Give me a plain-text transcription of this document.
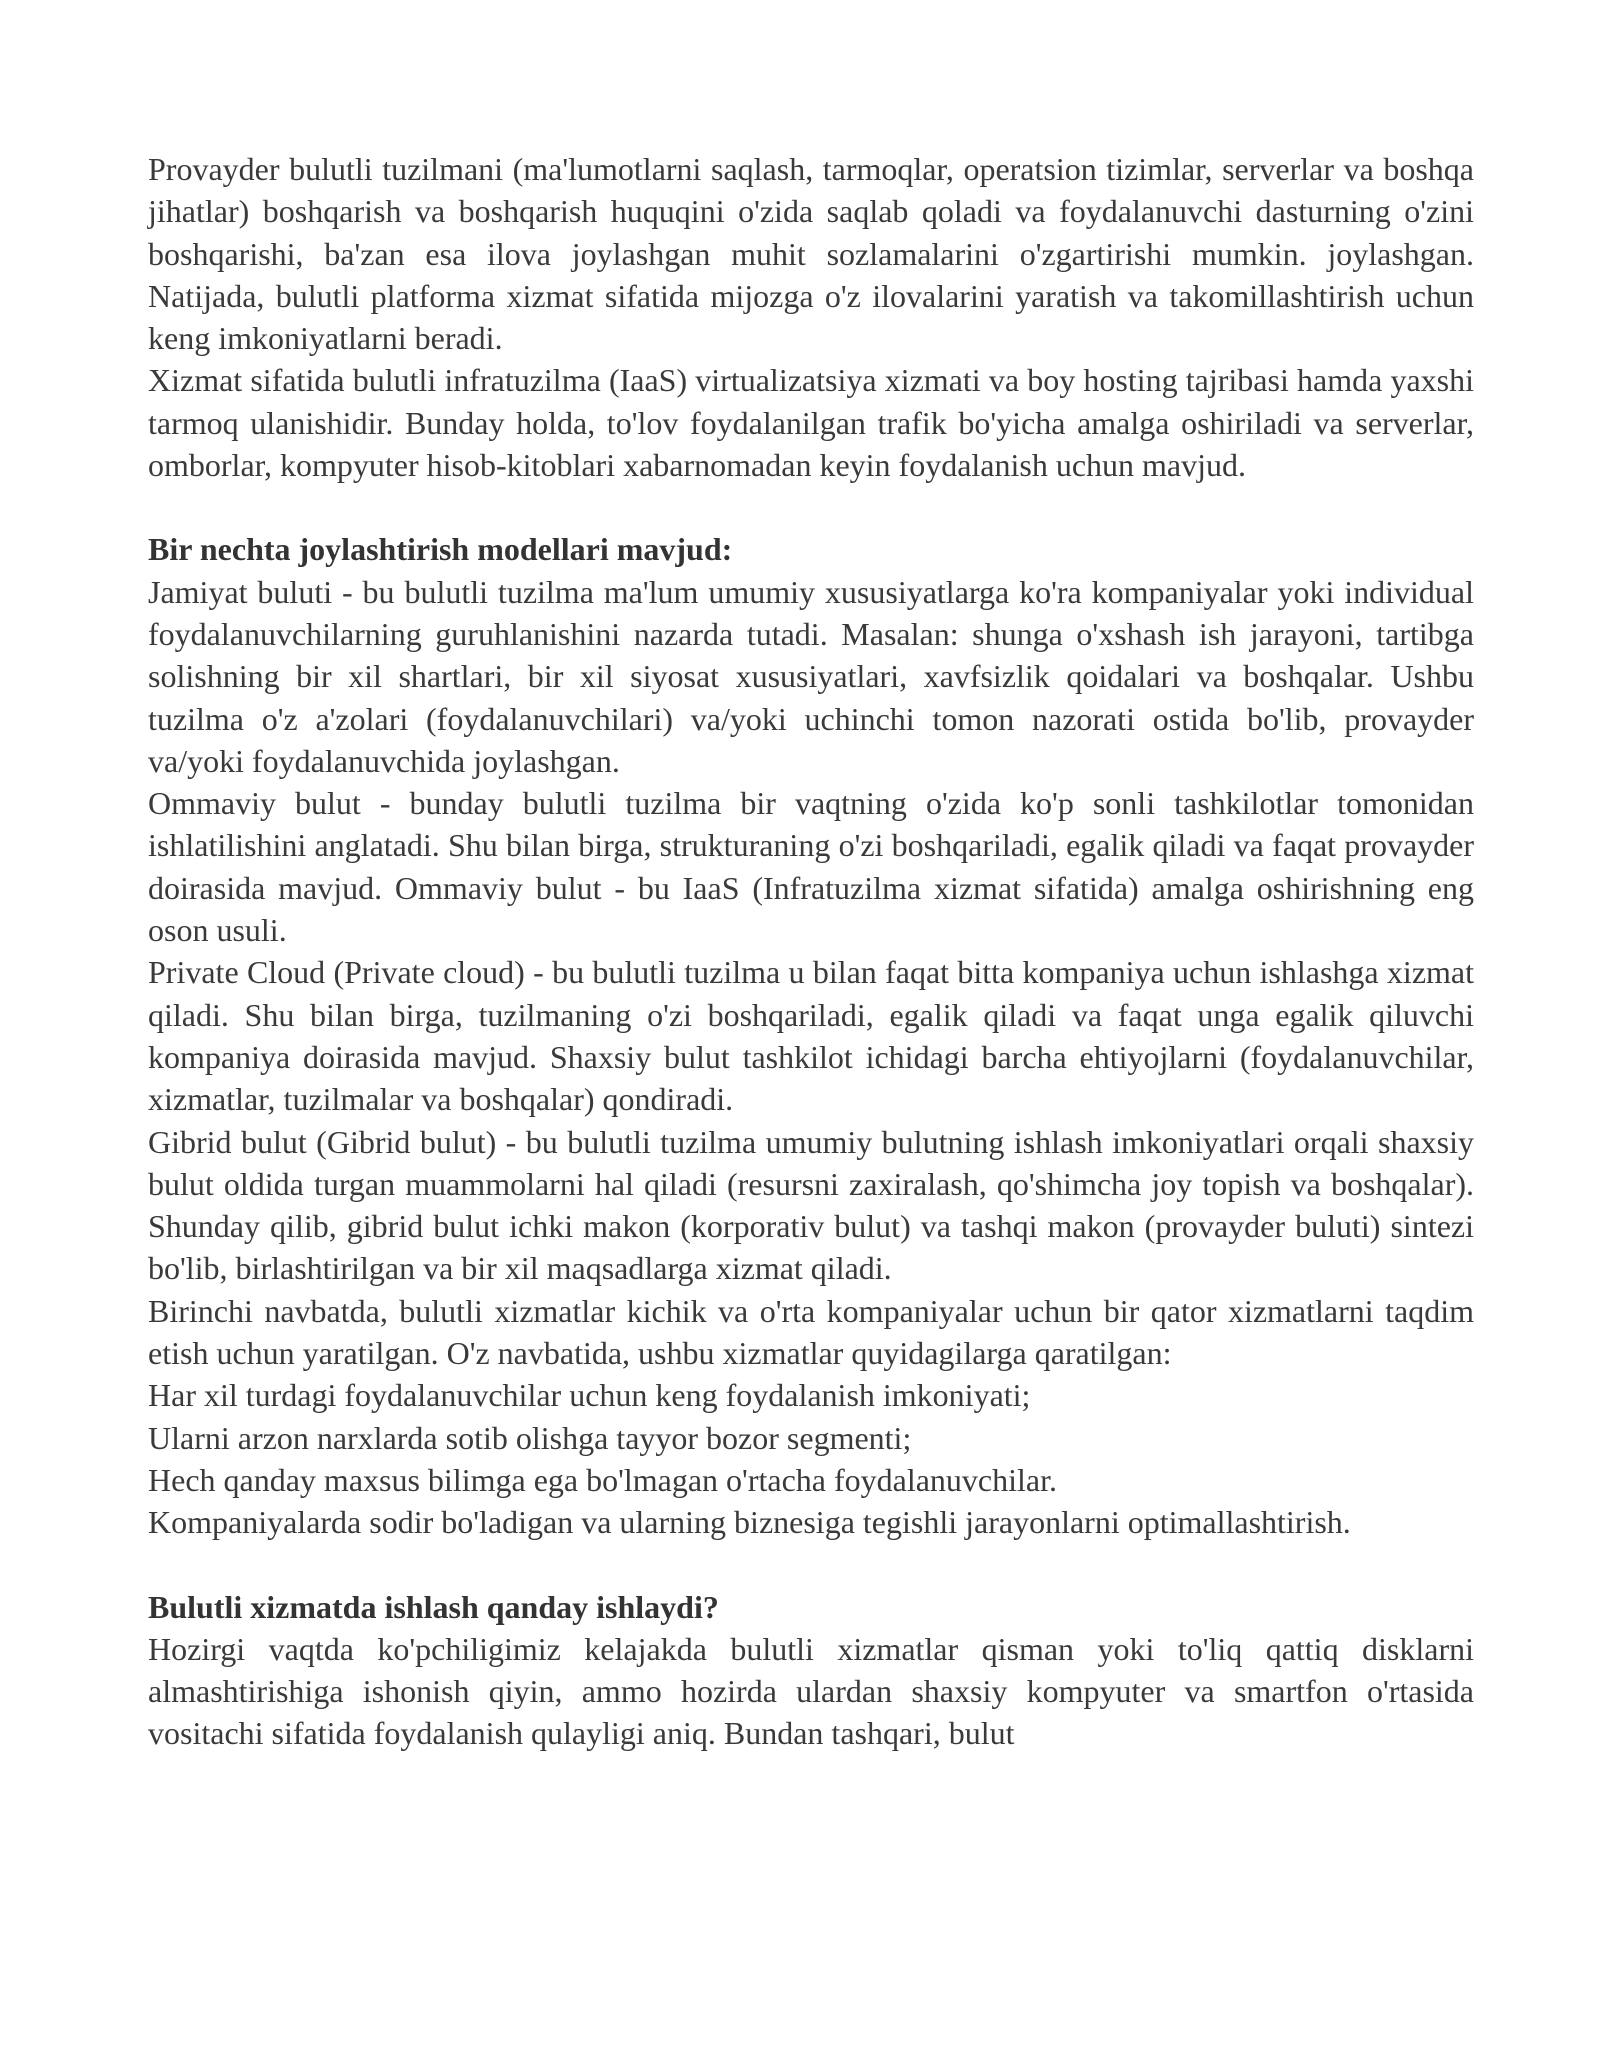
Provayder bulutli tuzilmani (ma'lumotlarni saqlash, tarmoqlar, operatsion tizimlar, serverlar va boshqa jihatlar) boshqarish va boshqarish huquqini o'zida saqlab qoladi va foydalanuvchi dasturning o'zini boshqarishi, ba'zan esa ilova joylashgan muhit sozlamalarini o'zgartirishi mumkin. joylashgan. Natijada, bulutli platforma xizmat sifatida mijozga o'z ilovalarini yaratish va takomillashtirish uchun keng imkoniyatlarni beradi.

Xizmat sifatida bulutli infratuzilma (IaaS) virtualizatsiya xizmati va boy hosting tajribasi hamda yaxshi tarmoq ulanishidir. Bunday holda, to'lov foydalanilgan trafik bo'yicha amalga oshiriladi va serverlar, omborlar, kompyuter hisob-kitoblari xabarnomadan keyin foydalanish uchun mavjud.

Bir nechta joylashtirish modellari mavjud:

Jamiyat buluti - bu bulutli tuzilma ma'lum umumiy xususiyatlarga ko'ra kompaniyalar yoki individual foydalanuvchilarning guruhlanishini nazarda tutadi. Masalan: shunga o'xshash ish jarayoni, tartibga solishning bir xil shartlari, bir xil siyosat xususiyatlari, xavfsizlik qoidalari va boshqalar. Ushbu tuzilma o'z a'zolari (foydalanuvchilari) va/yoki uchinchi tomon nazorati ostida bo'lib, provayder va/yoki foydalanuvchida joylashgan.

Ommaviy bulut - bunday bulutli tuzilma bir vaqtning o'zida ko'p sonli tashkilotlar tomonidan ishlatilishini anglatadi. Shu bilan birga, strukturaning o'zi boshqariladi, egalik qiladi va faqat provayder doirasida mavjud. Ommaviy bulut - bu IaaS (Infratuzilma xizmat sifatida) amalga oshirishning eng oson usuli.

Private Cloud (Private cloud) - bu bulutli tuzilma u bilan faqat bitta kompaniya uchun ishlashga xizmat qiladi. Shu bilan birga, tuzilmaning o'zi boshqariladi, egalik qiladi va faqat unga egalik qiluvchi kompaniya doirasida mavjud. Shaxsiy bulut tashkilot ichidagi barcha ehtiyojlarni (foydalanuvchilar, xizmatlar, tuzilmalar va boshqalar) qondiradi.

Gibrid bulut (Gibrid bulut) - bu bulutli tuzilma umumiy bulutning ishlash imkoniyatlari orqali shaxsiy bulut oldida turgan muammolarni hal qiladi (resursni zaxiralash, qo'shimcha joy topish va boshqalar). Shunday qilib, gibrid bulut ichki makon (korporativ bulut) va tashqi makon (provayder buluti) sintezi bo'lib, birlashtirilgan va bir xil maqsadlarga xizmat qiladi.

Birinchi navbatda, bulutli xizmatlar kichik va o'rta kompaniyalar uchun bir qator xizmatlarni taqdim etish uchun yaratilgan. O'z navbatida, ushbu xizmatlar quyidagilarga qaratilgan:

Har xil turdagi foydalanuvchilar uchun keng foydalanish imkoniyati;

Ularni arzon narxlarda sotib olishga tayyor bozor segmenti;

Hech qanday maxsus bilimga ega bo'lmagan o'rtacha foydalanuvchilar.

Kompaniyalarda sodir bo'ladigan va ularning biznesiga tegishli jarayonlarni optimallashtirish.

Bulutli xizmatda ishlash qanday ishlaydi?

Hozirgi vaqtda ko'pchiligimiz kelajakda bulutli xizmatlar qisman yoki to'liq qattiq disklarni almashtirishiga ishonish qiyin, ammo hozirda ulardan shaxsiy kompyuter va smartfon o'rtasida vositachi sifatida foydalanish qulayligi aniq. Bundan tashqari, bulut
